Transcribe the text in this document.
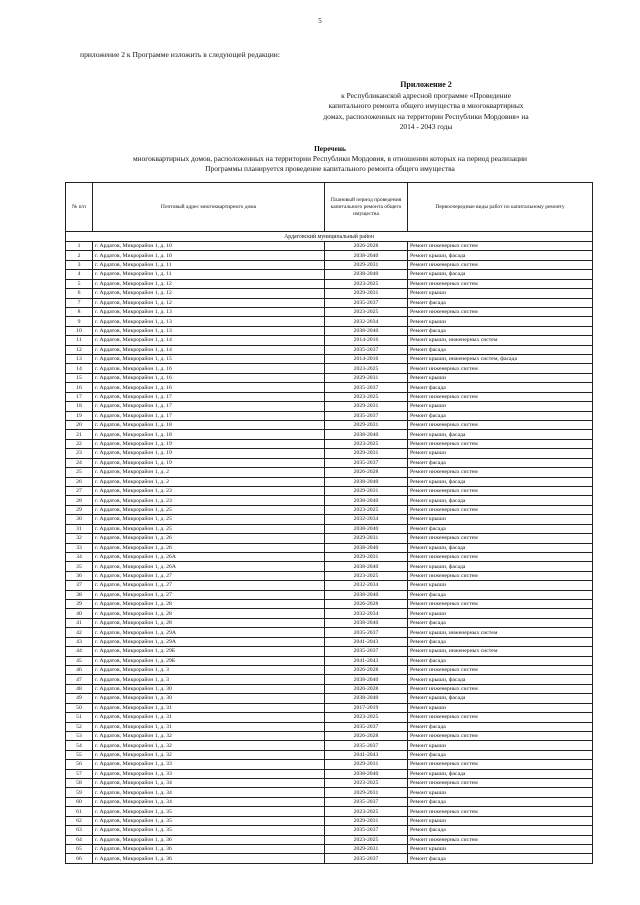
5
приложение 2 к Программе изложить в следующей редакции:
Приложение 2
к Республиканской адресной программе «Проведение
капитального ремонта общего имущества в многоквартирных
домах, расположенных на территории Республики Мордовия» на
2014 - 2043 годы
Перечень
многоквартирных домов, расположенных на территории Республики Мордовия, в отношении которых на период реализации
Программы планируется проведение капитального ремонта общего имущества
№ п/п	Почтовый адрес многоквартирного дома	Плановый период проведения капитального ремонта общего имущества	Первоочередные виды работ по капитальному ремонту
Ардатовский муниципальный район			
1	г. Ардатов, Микрорайон 1, д. 10	2026-2028	Ремонт инженерных систем
2	г. Ардатов, Микрорайон 1, д. 10	2038-2040	Ремонт крыши, фасада
3	г. Ардатов, Микрорайон 1, д. 11	2029-2031	Ремонт инженерных систем
4	г. Ардатов, Микрорайон 1, д. 11	2038-2040	Ремонт крыши, фасада
5	г. Ардатов, Микрорайон 1, д. 12	2023-2025	Ремонт инженерных систем
6	г. Ардатов, Микрорайон 1, д. 12	2029-2031	Ремонт крыши
7	г. Ардатов, Микрорайон 1, д. 12	2035-2037	Ремонт фасада
8	г. Ардатов, Микрорайон 1, д. 13	2023-2025	Ремонт инженерных систем
9	г. Ардатов, Микрорайон 1, д. 13	2032-2034	Ремонт крыши
10	г. Ардатов, Микрорайон 1, д. 13	2038-2040	Ремонт фасада
11	г. Ардатов, Микрорайон 1, д. 14	2014-2016	Ремонт крыши, инженерных систем
12	г. Ардатов, Микрорайон 1, д. 14	2035-2037	Ремонт фасада
13	г. Ардатов, Микрорайон 1, д. 15	2014-2016	Ремонт крыши, инженерных систем, фасада
14	г. Ардатов, Микрорайон 1, д. 16	2023-2025	Ремонт инженерных систем
15	г. Ардатов, Микрорайон 1, д. 16	2029-2031	Ремонт крыши
16	г. Ардатов, Микрорайон 1, д. 16	2035-2037	Ремонт фасада
17	г. Ардатов, Микрорайон 1, д. 17	2023-2025	Ремонт инженерных систем
18	г. Ардатов, Микрорайон 1, д. 17	2029-2031	Ремонт крыши
19	г. Ардатов, Микрорайон 1, д. 17	2035-2037	Ремонт фасада
20	г. Ардатов, Микрорайон 1, д. 18	2029-2031	Ремонт инженерных систем
21	г. Ардатов, Микрорайон 1, д. 18	2038-2040	Ремонт крыши, фасада
22	г. Ардатов, Микрорайон 1, д. 19	2023-2025	Ремонт инженерных систем
23	г. Ардатов, Микрорайон 1, д. 19	2029-2031	Ремонт крыши
24	г. Ардатов, Микрорайон 1, д. 19	2035-2037	Ремонт фасада
25	г. Ардатов, Микрорайон 1, д. 2	2026-2028	Ремонт инженерных систем
26	г. Ардатов, Микрорайон 1, д. 2	2038-2040	Ремонт крыши, фасада
27	г. Ардатов, Микрорайон 1, д. 23	2029-2031	Ремонт инженерных систем
28	г. Ардатов, Микрорайон 1, д. 23	2038-2040	Ремонт крыши, фасада
29	г. Ардатов, Микрорайон 1, д. 25	2023-2025	Ремонт инженерных систем
30	г. Ардатов, Микрорайон 1, д. 25	2032-2034	Ремонт крыши
31	г. Ардатов, Микрорайон 1, д. 25	2038-2040	Ремонт фасада
32	г. Ардатов, Микрорайон 1, д. 26	2029-2031	Ремонт инженерных систем
33	г. Ардатов, Микрорайон 1, д. 26	2038-2040	Ремонт крыши, фасада
34	г. Ардатов, Микрорайон 1, д. 26А	2029-2031	Ремонт инженерных систем
35	г. Ардатов, Микрорайон 1, д. 26А	2038-2040	Ремонт крыши, фасада
36	г. Ардатов, Микрорайон 1, д. 27	2023-2025	Ремонт инженерных систем
37	г. Ардатов, Микрорайон 1, д. 27	2032-2034	Ремонт крыши
38	г. Ардатов, Микрорайон 1, д. 27	2038-2040	Ремонт фасада
39	г. Ардатов, Микрорайон 1, д. 28	2026-2028	Ремонт инженерных систем
40	г. Ардатов, Микрорайон 1, д. 28	2032-2034	Ремонт крыши
41	г. Ардатов, Микрорайон 1, д. 28	2038-2040	Ремонт фасада
42	г. Ардатов, Микрорайон 1, д. 29А	2035-2037	Ремонт крыши, инженерных систем
43	г. Ардатов, Микрорайон 1, д. 29А	2041-2043	Ремонт фасада
44	г. Ардатов, Микрорайон 1, д. 29Б	2035-2037	Ремонт крыши, инженерных систем
45	г. Ардатов, Микрорайон 1, д. 29Б	2041-2043	Ремонт фасада
46	г. Ардатов, Микрорайон 1, д. 3	2026-2028	Ремонт инженерных систем
47	г. Ардатов, Микрорайон 1, д. 3	2038-2040	Ремонт крыши, фасада
48	г. Ардатов, Микрорайон 1, д. 30	2026-2028	Ремонт инженерных систем
49	г. Ардатов, Микрорайон 1, д. 30	2038-2040	Ремонт крыши, фасада
50	г. Ардатов, Микрорайон 1, д. 31	2017-2019	Ремонт крыши
51	г. Ардатов, Микрорайон 1, д. 31	2023-2025	Ремонт инженерных систем
52	г. Ардатов, Микрорайон 1, д. 31	2035-2037	Ремонт фасада
53	г. Ардатов, Микрорайон 1, д. 32	2026-2028	Ремонт инженерных систем
54	г. Ардатов, Микрорайон 1, д. 32	2035-2037	Ремонт крыши
55	г. Ардатов, Микрорайон 1, д. 32	2041-2043	Ремонт фасада
56	г. Ардатов, Микрорайон 1, д. 33	2029-2031	Ремонт инженерных систем
57	г. Ардатов, Микрорайон 1, д. 33	2038-2040	Ремонт крыши, фасада
58	г. Ардатов, Микрорайон 1, д. 34	2023-2025	Ремонт инженерных систем
59	г. Ардатов, Микрорайон 1, д. 34	2029-2031	Ремонт крыши
60	г. Ардатов, Микрорайон 1, д. 34	2035-2037	Ремонт фасада
61	г. Ардатов, Микрорайон 1, д. 35	2023-2025	Ремонт инженерных систем
62	г. Ардатов, Микрорайон 1, д. 35	2029-2031	Ремонт крыши
63	г. Ардатов, Микрорайон 1, д. 35	2035-2037	Ремонт фасада
64	г. Ардатов, Микрорайон 1, д. 36	2023-2025	Ремонт инженерных систем
65	г. Ардатов, Микрорайон 1, д. 36	2029-2031	Ремонт крыши
66	г. Ардатов, Микрорайон 1, д. 36	2035-2037	Ремонт фасада
